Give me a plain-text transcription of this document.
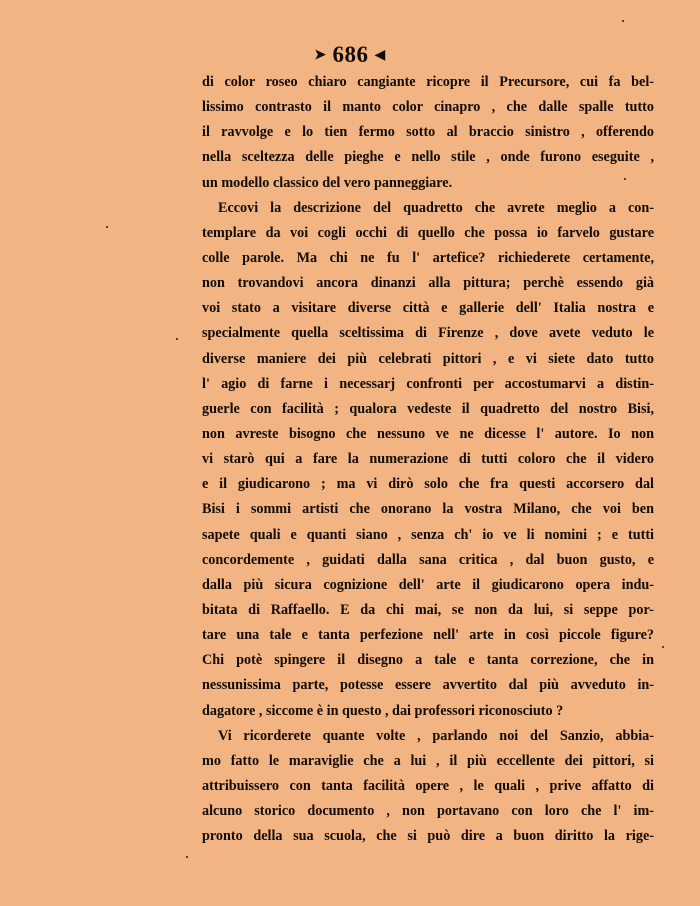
➤ 686 ◀
di color roseo chiaro cangiante ricopre il Precursore, cui fa bel-
lissimo contrasto il manto color cinapro , che dalle spalle tutto
il ravvolge e lo tien fermo sotto al braccio sinistro , offerendo
nella sceltezza delle pieghe e nello stile , onde furono eseguite ,
un modello classico del vero panneggiare.
Eccovi la descrizione del quadretto che avrete meglio a con-
templare da voi cogli occhi di quello che possa io farvelo gustare
colle parole. Ma chi ne fu l' artefice? richiederete certamente,
non trovandovi ancora dinanzi alla pittura; perchè essendo già
voi stato a visitare diverse città e gallerie dell' Italia nostra e
specialmente quella sceltissima di Firenze , dove avete veduto le
diverse maniere dei più celebrati pittori , e vi siete dato tutto
l' agio di farne i necessarj confronti per accostumarvi a distin-
guerle con facilità ; qualora vedeste il quadretto del nostro Bisi,
non avreste bisogno che nessuno ve ne dicesse l' autore. Io non
vi starò qui a fare la numerazione di tutti coloro che il videro
e il giudicarono ; ma vi dirò solo che fra questi accorsero dal
Bisi i sommi artisti che onorano la vostra Milano, che voi ben
sapete quali e quanti siano , senza ch' io ve li nomini ; e tutti
concordemente , guidati dalla sana critica , dal buon gusto, e
dalla più sicura cognizione dell' arte il giudicarono opera indu-
bitata di Raffaello. E da chi mai, se non da lui, si seppe por-
tare una tale e tanta perfezione nell' arte in così piccole figure?
Chi potè spingere il disegno a tale e tanta correzione, che in
nessunissima parte, potesse essere avvertito dal più avveduto in-
dagatore , siccome è in questo , dai professori riconosciuto ?
Vi ricorderete quante volte , parlando noi del Sanzio, abbia-
mo fatto le maraviglie che a lui , il più eccellente dei pittori, si
attribuissero con tanta facilità opere , le quali , prive affatto di
alcuno storico documento , non portavano con loro che l' im-
pronto della sua scuola, che si può dire a buon diritto la rige-
